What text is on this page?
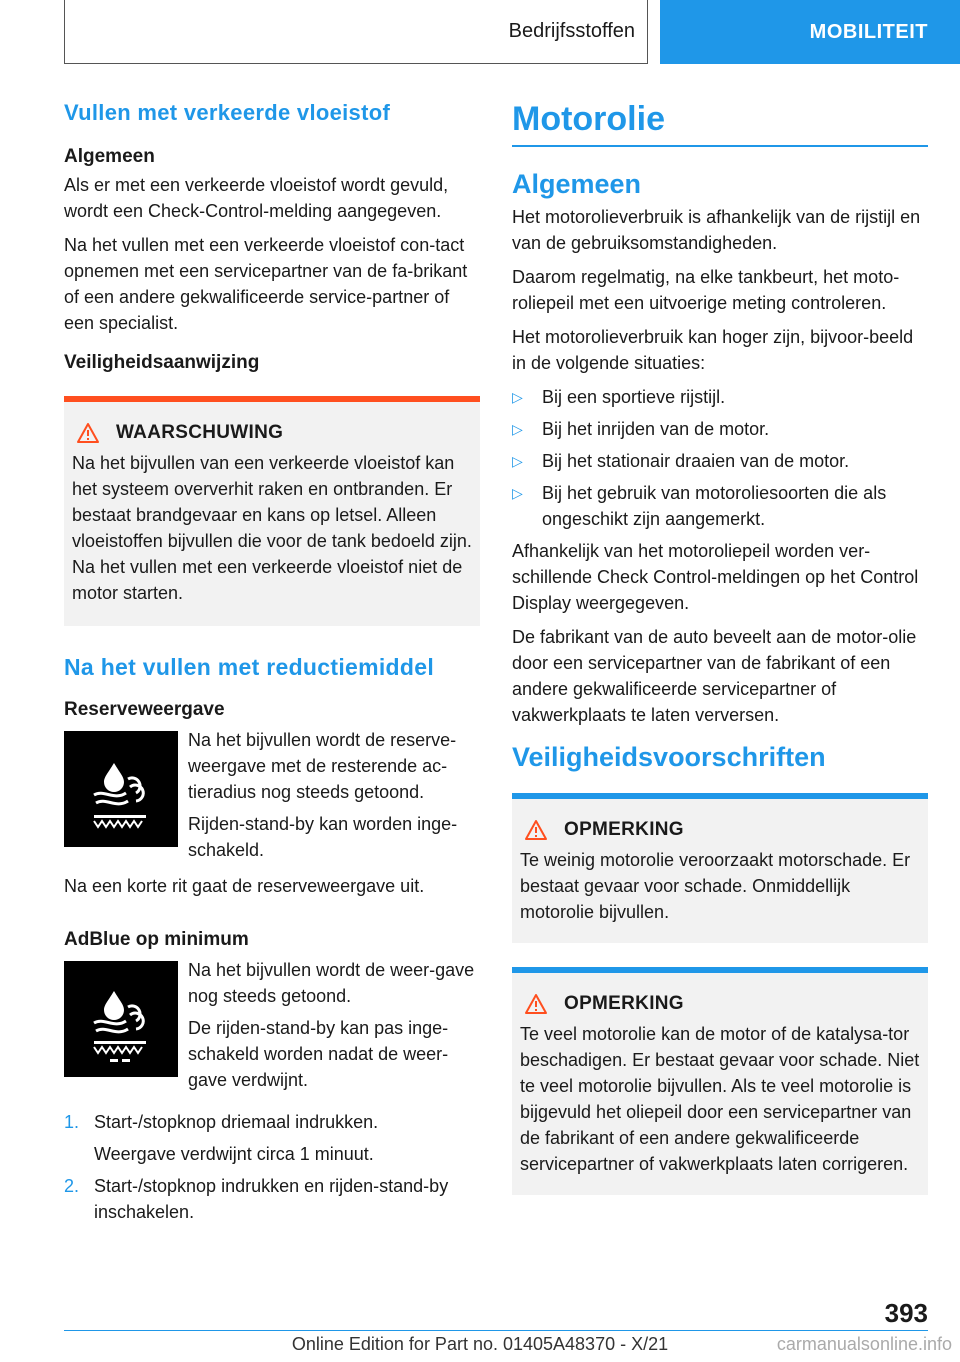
Bedrijfsstoffen	MOBILITEIT
Vullen met verkeerde vloeistof
Algemeen

Als er met een verkeerde vloeistof wordt gevuld, wordt een Check-Control-melding aangegeven.

Na het vullen met een verkeerde vloeistof con-tact opnemen met een servicepartner van de fa-brikant of een andere gekwalificeerde service-partner of een specialist.

Veiligheidsaanwijzing
WAARSCHUWING

Na het bijvullen van een verkeerde vloeistof kan het systeem oververhit raken en ontbranden. Er bestaat brandgevaar en kans op letsel. Alleen vloeistoffen bijvullen die voor de tank bedoeld zijn. Na het vullen met een verkeerde vloeistof niet de motor starten.

Na het vullen met reductiemiddel
Reserveweergave

Na het bijvullen wordt de reserve-weergave met de resterende ac-tieradius nog steeds getoond.

Rijden-stand-by kan worden inge-schakeld.

Na een korte rit gaat de reserveweergave uit.

AdBlue op minimum

Na het bijvullen wordt de weer-gave nog steeds getoond.

De rijden-stand-by kan pas inge-schakeld worden nadat de weer-gave verdwijnt.

1. Start-/stopknop driemaal indrukken.
Weergave verdwijnt circa 1 minuut.
2. Start-/stopknop indrukken en rijden-stand-by inschakelen.
Motorolie
Algemeen

Het motorolieverbruik is afhankelijk van de rijstijl en van de gebruiksomstandigheden.

Daarom regelmatig, na elke tankbeurt, het moto-roliepeil met een uitvoerige meting controleren.

Het motorolieverbruik kan hoger zijn, bijvoor-beeld in de volgende situaties:

▷ Bij een sportieve rijstijl.
▷ Bij het inrijden van de motor.
▷ Bij het stationair draaien van de motor.
▷ Bij het gebruik van motoroliesoorten die als ongeschikt zijn aangemerkt.

Afhankelijk van het motoroliepeil worden ver-schillende Check Control-meldingen op het Control Display weergegeven.

De fabrikant van de auto beveelt aan de motor-olie door een servicepartner van de fabrikant of een andere gekwalificeerde servicepartner of vakwerkplaats te laten verversen.

Veiligheidsvoorschriften
OPMERKING

Te weinig motorolie veroorzaakt motorschade. Er bestaat gevaar voor schade. Onmiddellijk motorolie bijvullen.

OPMERKING

Te veel motorolie kan de motor of de katalysa-tor beschadigen. Er bestaat gevaar voor schade. Niet te veel motorolie bijvullen. Als te veel motorolie is bijgevuld het oliepeil door een servicepartner van de fabrikant of een andere gekwalificeerde servicepartner of vakwerkplaats laten corrigeren.

393
Online Edition for Part no. 01405A48370 - X/21	carmanualsonline.info
